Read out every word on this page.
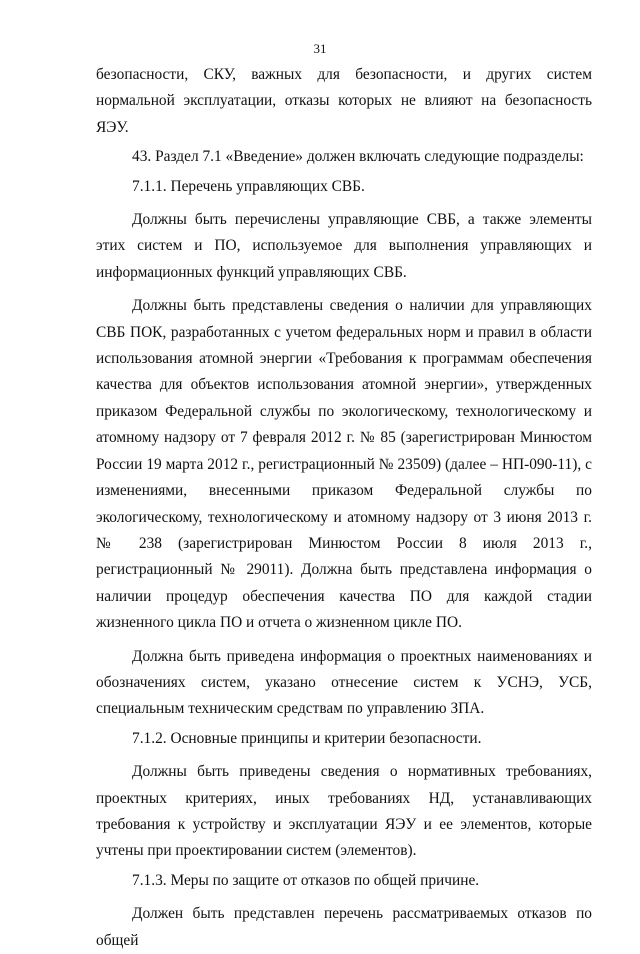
31

безопасности, СКУ, важных для безопасности, и других систем нормальной эксплуатации, отказы которых не влияют на безопасность ЯЭУ.

43. Раздел 7.1 «Введение» должен включать следующие подразделы:

7.1.1. Перечень управляющих СВБ.

Должны быть перечислены управляющие СВБ, а также элементы этих систем и ПО, используемое для выполнения управляющих и информационных функций управляющих СВБ.

Должны быть представлены сведения о наличии для управляющих СВБ ПОК, разработанных с учетом федеральных норм и правил в области использования атомной энергии «Требования к программам обеспечения качества для объектов использования атомной энергии», утвержденных приказом Федеральной службы по экологическому, технологическому и атомному надзору от 7 февраля 2012 г. № 85 (зарегистрирован Минюстом России 19 марта 2012 г., регистрационный № 23509) (далее – НП-090-11), с изменениями, внесенными приказом Федеральной службы по экологическому, технологическому и атомному надзору от 3 июня 2013 г. № 238 (зарегистрирован Минюстом России 8 июля 2013 г., регистрационный № 29011). Должна быть представлена информация о наличии процедур обеспечения качества ПО для каждой стадии жизненного цикла ПО и отчета о жизненном цикле ПО.

Должна быть приведена информация о проектных наименованиях и обозначениях систем, указано отнесение систем к УСНЭ, УСБ, специальным техническим средствам по управлению ЗПА.

7.1.2. Основные принципы и критерии безопасности.

Должны быть приведены сведения о нормативных требованиях, проектных критериях, иных требованиях НД, устанавливающих требования к устройству и эксплуатации ЯЭУ и ее элементов, которые учтены при проектировании систем (элементов).

7.1.3. Меры по защите от отказов по общей причине.

Должен быть представлен перечень рассматриваемых отказов по общей
